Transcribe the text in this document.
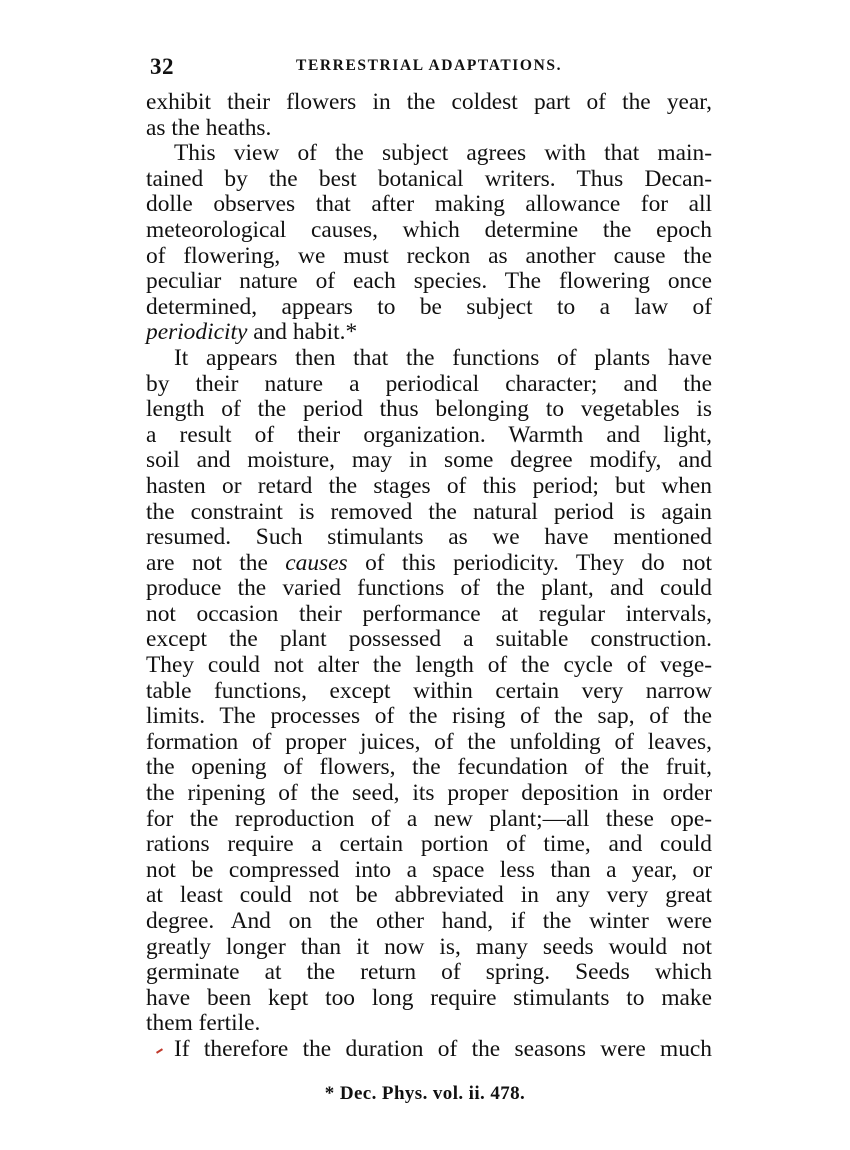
32	TERRESTRIAL ADAPTATIONS.
exhibit their flowers in the coldest part of the year,
as the heaths.
This view of the subject agrees with that main-
tained by the best botanical writers. Thus Decan-
dolle observes that after making allowance for all
meteorological causes, which determine the epoch
of flowering, we must reckon as another cause the
peculiar nature of each species. The flowering once
determined, appears to be subject to a law of
periodicity and habit.*
It appears then that the functions of plants have
by their nature a periodical character; and the
length of the period thus belonging to vegetables is
a result of their organization. Warmth and light,
soil and moisture, may in some degree modify, and
hasten or retard the stages of this period; but when
the constraint is removed the natural period is again
resumed. Such stimulants as we have mentioned
are not the causes of this periodicity. They do not
produce the varied functions of the plant, and could
not occasion their performance at regular intervals,
except the plant possessed a suitable construction.
They could not alter the length of the cycle of vege-
table functions, except within certain very narrow
limits. The processes of the rising of the sap, of the
formation of proper juices, of the unfolding of leaves,
the opening of flowers, the fecundation of the fruit,
the ripening of the seed, its proper deposition in order
for the reproduction of a new plant;—all these ope-
rations require a certain portion of time, and could
not be compressed into a space less than a year, or
at least could not be abbreviated in any very great
degree. And on the other hand, if the winter were
greatly longer than it now is, many seeds would not
germinate at the return of spring. Seeds which
have been kept too long require stimulants to make
them fertile.
If therefore the duration of the seasons were much
* Dec. Phys. vol. ii. 478.
